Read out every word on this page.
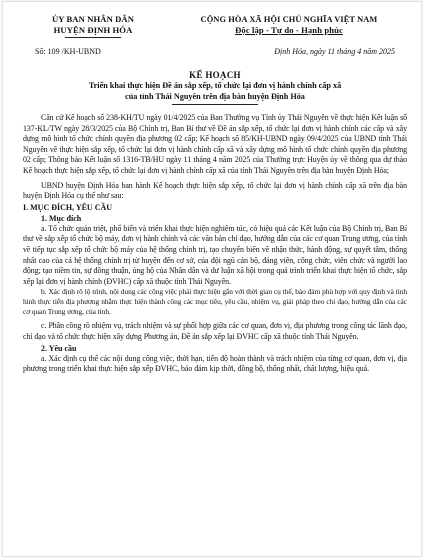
ỦY BAN NHÂN DÂN
HUYỆN ĐỊNH HÓA
CỘNG HÒA XÃ HỘI CHỦ NGHĨA VIỆT NAM
Độc lập - Tự do - Hạnh phúc
Số: 109 /KH-UBND	Định Hóa, ngày 11 tháng 4 năm 2025
KẾ HOẠCH
Triển khai thực hiện Đề án sắp xếp, tổ chức lại đơn vị hành chính cấp xã
của tỉnh Thái Nguyên trên địa bàn huyện Định Hóa

Căn cứ Kế hoạch số 238-KH/TU ngày 01/4/2025 của Ban Thường vụ Tỉnh ủy Thái Nguyên về thực hiện Kết luận số 137-KL/TW ngày 28/3/2025 của Bộ Chính trị, Ban Bí thư về Đề án sắp xếp, tổ chức lại đơn vị hành chính các cấp và xây dựng mô hình tổ chức chính quyền địa phương 02 cấp; Kế hoạch số 85/KH-UBND ngày 09/4/2025 của UBND tỉnh Thái Nguyên về thực hiện sắp xếp, tổ chức lại đơn vị hành chính cấp xã và xây dựng mô hình tổ chức chính quyền địa phương 02 cấp; Thông báo Kết luận số 1316-TB/HU ngày 11 tháng 4 năm 2025 của Thường trực Huyện ủy về thông qua dự thảo Kế hoạch thực hiện sắp xếp, tổ chức lại đơn vị hành chính cấp xã của tỉnh Thái Nguyên trên địa bàn huyện Định Hóa;

UBND huyện Định Hóa ban hành Kế hoạch thực hiện sắp xếp, tổ chức lại đơn vị hành chính cấp xã trên địa bàn huyện Định Hóa cụ thể như sau:

I. MỤC ĐÍCH, YÊU CẦU
1. Mục đích

a. Tổ chức quán triệt, phổ biến và triển khai thực hiện nghiêm túc, có hiệu quả các Kết luận của Bộ Chính trị, Ban Bí thư về sắp xếp tổ chức bộ máy, đơn vị hành chính và các văn bản chỉ đạo, hướng dẫn của các cơ quan Trung ương, của tỉnh về tiếp tục sắp xếp tổ chức bộ máy của hệ thống chính trị, tạo chuyển biến về nhận thức, hành động, sự quyết tâm, thống nhất cao của cả hệ thống chính trị từ huyện đến cơ sở, của đội ngũ cán bộ, đảng viên, công chức, viên chức và người lao động; tạo niềm tin, sự đồng thuận, ủng hộ của Nhân dân và dư luận xã hội trong quá trình triển khai thực hiện tổ chức, sắp xếp lại đơn vị hành chính (ĐVHC) cấp xã thuộc tỉnh Thái Nguyên.

b. Xác định rõ lộ trình, nội dung các công việc phải thực hiện gắn với thời gian cụ thể, bảo đảm phù hợp với quy định và tình hình thực tiễn địa phương nhằm thực hiện thành công các mục tiêu, yêu cầu, nhiệm vụ, giải pháp theo chỉ đạo, hướng dẫn của các cơ quan Trung ương, của tỉnh.

c. Phân công rõ nhiệm vụ, trách nhiệm và sự phối hợp giữa các cơ quan, đơn vị, địa phương trong công tác lãnh đạo, chỉ đạo và tổ chức thực hiện xây dựng Phương án, Đề án sắp xếp lại ĐVHC cấp xã thuộc tỉnh Thái Nguyên.

2. Yêu cầu

a. Xác định cụ thể các nội dung công việc, thời hạn, tiến độ hoàn thành và trách nhiệm của từng cơ quan, đơn vị, địa phương trong triển khai thực hiện sắp xếp ĐVHC, bảo đảm kịp thời, đồng bộ, thống nhất, chất lượng, hiệu quả.
